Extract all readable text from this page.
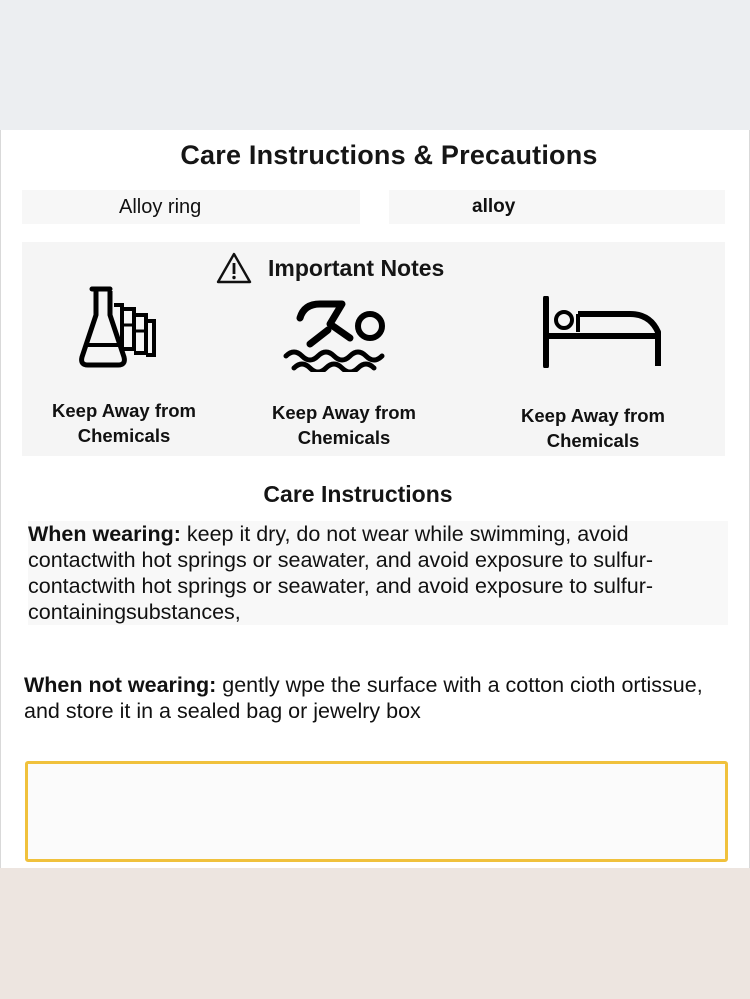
Care Instructions & Precautions
Alloy ring	alloy
Important Notes
Keep Away from
Chemicals
Keep Away from
Chemicals
Keep Away from
Chemicals
Care Instructions
When wearing: keep it dry, do not wear while swimming, avoid contactwith hot springs or seawater, and avoid exposure to sulfur-contactwith hot springs or seawater, and avoid exposure to sulfur-containingsubstances,
When not wearing: gently wpe the surface with a cotton cioth ortissue, and store it in a sealed bag or jewelry box
